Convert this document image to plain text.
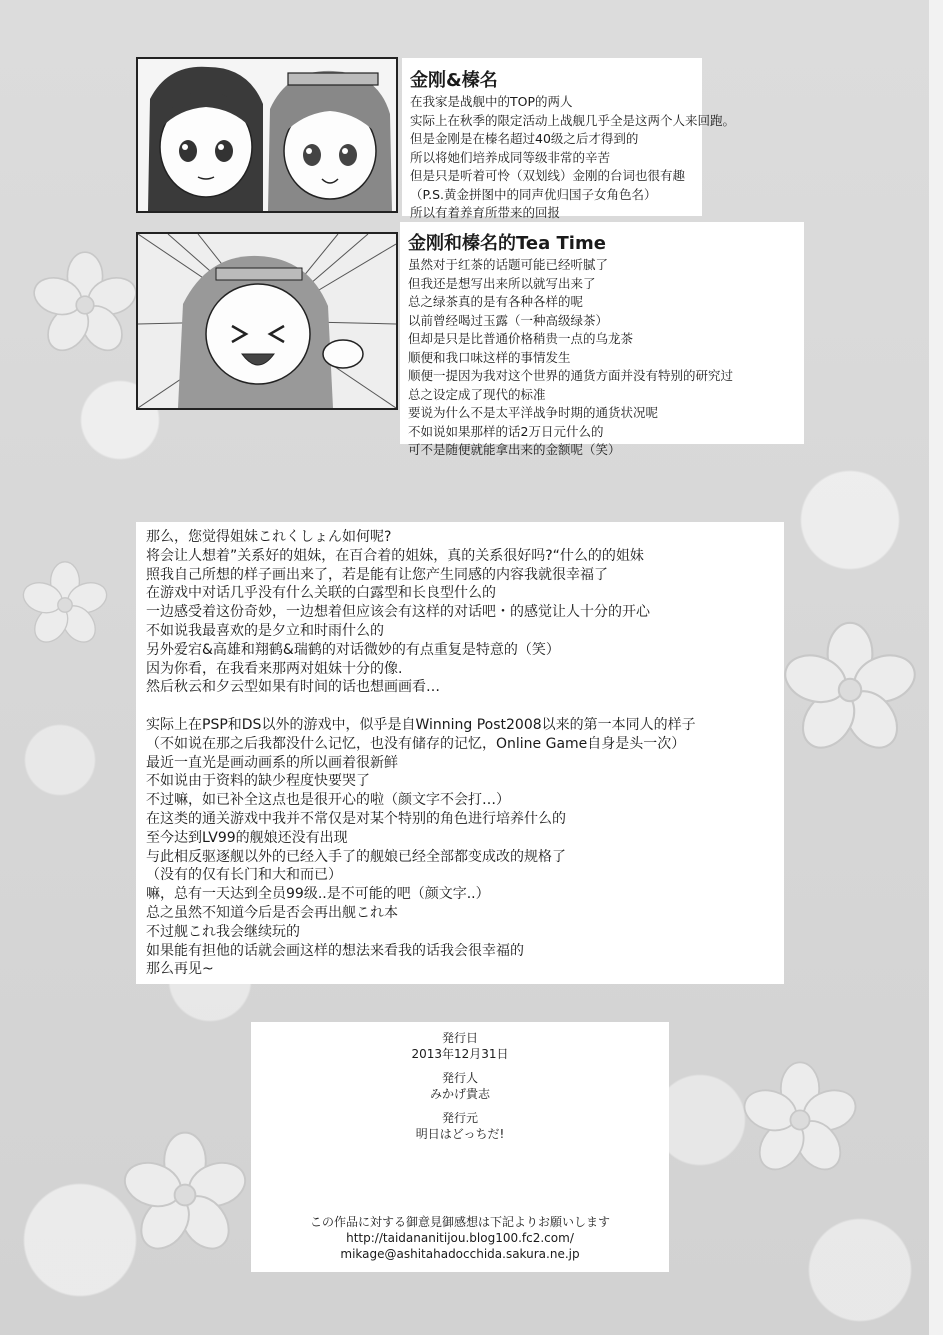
金刚&榛名
在我家是战舰中的TOP的两人
实际上在秋季的限定活动上战舰几乎全是这两个人来回跑。
但是金刚是在榛名超过40级之后才得到的
所以将她们培养成同等级非常的辛苦
但是只是听着可怜（双划线）金刚的台词也很有趣
（P.S.黄金拼图中的同声优归国子女角色名）
所以有着养育所带来的回报
金刚和榛名的Tea Time
虽然对于红茶的话题可能已经听腻了
但我还是想写出来所以就写出来了
总之绿茶真的是有各种各样的呢
以前曾经喝过玉露（一种高级绿茶）
但却是只是比普通价格稍贵一点的乌龙茶
顺便和我口味这样的事情发生
顺便一提因为我对这个世界的通货方面并没有特别的研究过
总之设定成了现代的标准
要说为什么不是太平洋战争时期的通货状况呢
不如说如果那样的话2万日元什么的
可不是随便就能拿出来的金额呢（笑）
那么，您觉得姐妹これくしょん如何呢?
将会让人想着”关系好的姐妹，在百合着的姐妹，真的关系很好吗?“什么的的姐妹
照我自己所想的样子画出来了，若是能有让您产生同感的内容我就很幸福了
在游戏中对话几乎没有什么关联的白露型和长良型什么的
一边感受着这份奇妙，一边想着但应该会有这样的对话吧・的感觉让人十分的开心
不如说我最喜欢的是夕立和时雨什么的
另外爱宕&高雄和翔鹤&瑞鹤的对话微妙的有点重复是特意的（笑）
因为你看，在我看来那两对姐妹十分的像.
然后秋云和夕云型如果有时间的话也想画画看…
实际上在PSP和DS以外的游戏中，似乎是自Winning Post2008以来的第一本同人的样子
（不如说在那之后我都没什么记忆，也没有储存的记忆，Online Game自身是头一次）
最近一直光是画动画系的所以画着很新鲜
不如说由于资料的缺少程度快要哭了
不过嘛，如已补全这点也是很开心的啦（颜文字不会打…）
在这类的通关游戏中我并不常仅是对某个特别的角色进行培养什么的
至今达到LV99的舰娘还没有出现
与此相反驱逐舰以外的已经入手了的舰娘已经全部都变成改的规格了
（没有的仅有长门和大和而已）
嘛，总有一天达到全员99级..是不可能的吧（颜文字..）
总之虽然不知道今后是否会再出舰これ本
不过舰これ我会继续玩的
如果能有担他的话就会画这样的想法来看我的话我会很幸福的
那么再见~
発行日
2013年12月31日
発行人
みかげ貴志
発行元
明日はどっちだ!
この作品に対する御意見御感想は下記よりお願いします
http://taidananitijou.blog100.fc2.com/
mikage@ashitahadocchida.sakura.ne.jp
